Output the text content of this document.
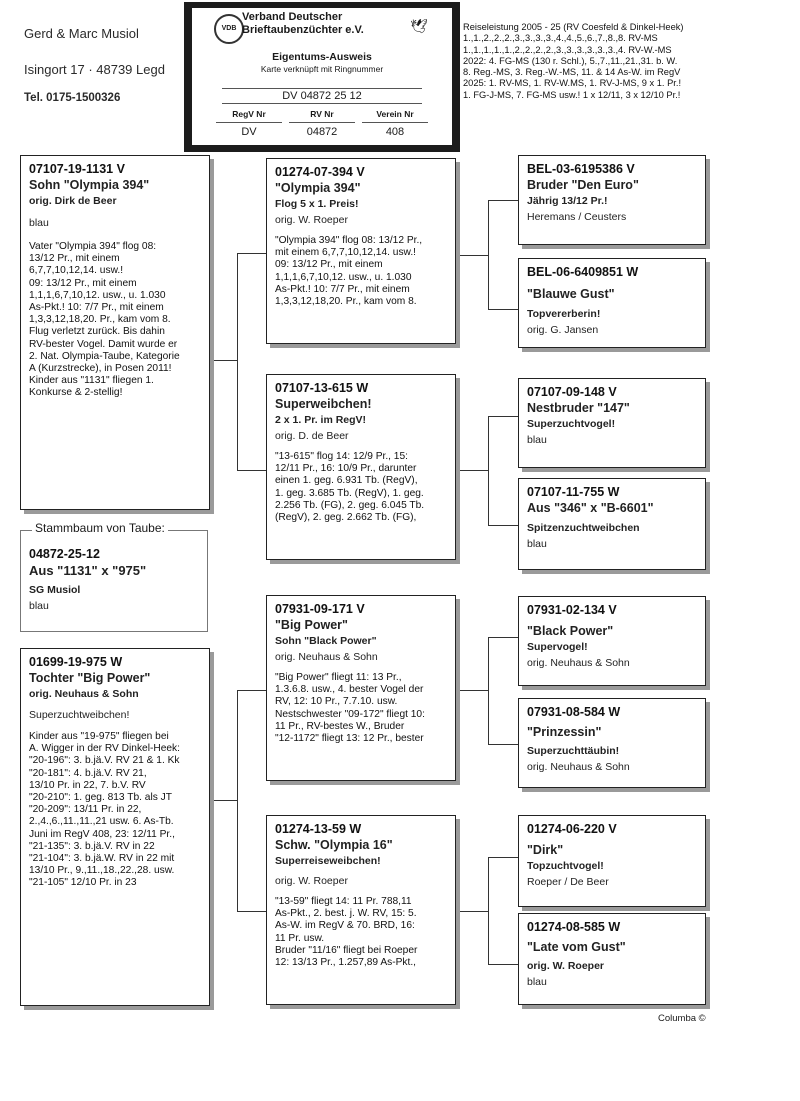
Gerd & Marc Musiol
Isingort 17 · 48739 Legd
Tel. 0175-1500326
VDB
Verband Deutscher
Brieftaubenzüchter e.V.	🕊
Eigentums-Ausweis
Karte verknüpft mit Ringnummer
DV 04872 25 12
RegV Nr	RV Nr	Verein Nr
DV	04872	408
Reiseleistung 2005 - 25 (RV Coesfeld & Dinkel-Heek)
1.,1.,2.,2.,2.,3.,3.,3.,3.,4.,4.,5.,6.,7.,8.,8. RV-MS
1.,1.,1.,1.,1.,2.,2.,2.,2.,3.,3.,3.,3.,3.,3.,4. RV-W.-MS
2022: 4. FG-MS (130 r. Schl.), 5.,7.,11.,21.,31. b. W.
8. Reg.-MS, 3. Reg.-W.-MS, 11. & 14 As-W. im RegV
2025: 1. RV-MS, 1. RV-W.MS, 1. RV-J-MS, 9 x 1. Pr.!
1. FG-J-MS, 7. FG-MS usw.! 1 x 12/11, 3 x 12/10 Pr.!
07107-19-1131 V
Sohn "Olympia 394"
orig. Dirk de Beer
blau
Vater "Olympia 394" flog 08:
13/12 Pr., mit einem
6,7,7,10,12,14. usw.!
09: 13/12 Pr., mit einem
1,1,1,6,7,10,12. usw., u. 1.030
As-Pkt.! 10: 7/7 Pr., mit einem
1,3,3,12,18,20. Pr., kam vom 8.
Flug verletzt zurück. Bis dahin
RV-bester Vogel. Damit wurde er
2. Nat. Olympia-Taube, Kategorie
A (Kurzstrecke), in Posen 2011!
Kinder aus "1131" fliegen 1.
Konkurse & 2-stellig!
04872-25-12
Aus "1131" x "975"
SG Musiol
blau
Stammbaum von Taube:
01699-19-975 W
Tochter "Big Power"
orig. Neuhaus & Sohn
Superzuchtweibchen!
Kinder aus "19-975" fliegen bei
A. Wigger in der RV Dinkel-Heek:
"20-196": 3. b.jä.V. RV 21 & 1. Kk
"20-181": 4. b.jä.V. RV 21,
13/10 Pr. in 22, 7. b.V. RV
"20-210": 1. geg. 813 Tb. als JT
"20-209": 13/11 Pr. in 22,
2.,4.,6.,11.,11.,21 usw. 6. As-Tb.
Juni im RegV 408, 23: 12/11 Pr.,
"21-135": 3. b.jä.V. RV in 22
"21-104": 3. b.jä.W. RV in 22 mit
13/10 Pr., 9.,11.,18.,22.,28. usw.
"21-105" 12/10 Pr. in 23
01274-07-394 V
"Olympia 394"
Flog 5 x 1. Preis!
orig. W. Roeper
"Olympia 394" flog 08: 13/12 Pr.,
mit einem 6,7,7,10,12,14. usw.!
09: 13/12 Pr., mit einem
1,1,1,6,7,10,12. usw., u. 1.030
As-Pkt.! 10: 7/7 Pr., mit einem
1,3,3,12,18,20. Pr., kam vom 8.
07107-13-615 W
Superweibchen!
2 x 1. Pr. im RegV!
orig. D. de Beer
"13-615" flog 14: 12/9 Pr., 15:
12/11 Pr., 16: 10/9 Pr., darunter
einen 1. geg. 6.931 Tb. (RegV),
1. geg. 3.685 Tb. (RegV), 1. geg.
2.256 Tb. (FG), 2. geg. 6.045 Tb.
(RegV), 2. geg. 2.662 Tb. (FG),
07931-09-171 V
"Big Power"
Sohn "Black Power"
orig. Neuhaus & Sohn
"Big Power" fliegt 11: 13 Pr.,
1.3.6.8. usw., 4. bester Vogel der
RV, 12: 10 Pr., 7.7.10. usw.
Nestschwester "09-172" fliegt 10:
11 Pr., RV-bestes W., Bruder
"12-1172" fliegt 13: 12 Pr., bester
01274-13-59 W
Schw. "Olympia 16"
Superreiseweibchen!
orig. W. Roeper
"13-59" fliegt 14: 11 Pr. 788,11
As-Pkt., 2. best. j. W. RV, 15: 5.
As-W. im RegV & 70. BRD, 16:
11 Pr. usw.
Bruder "11/16" fliegt bei Roeper
12: 13/13 Pr., 1.257,89 As-Pkt.,
BEL-03-6195386 V
Bruder "Den Euro"
Jährig 13/12 Pr.!
Heremans / Ceusters
BEL-06-6409851 W
"Blauwe Gust"
Topvererberin!
orig. G. Jansen
07107-09-148 V
Nestbruder "147"
Superzuchtvogel!
blau
07107-11-755 W
Aus "346" x "B-6601"
Spitzenzuchtweibchen
blau
07931-02-134 V
"Black Power"
Supervogel!
orig. Neuhaus & Sohn
07931-08-584 W
"Prinzessin"
Superzuchttäubin!
orig. Neuhaus & Sohn
01274-06-220 V
"Dirk"
Topzuchtvogel!
Roeper / De Beer
01274-08-585 W
"Late vom Gust"
orig. W. Roeper
blau
Columba ©
